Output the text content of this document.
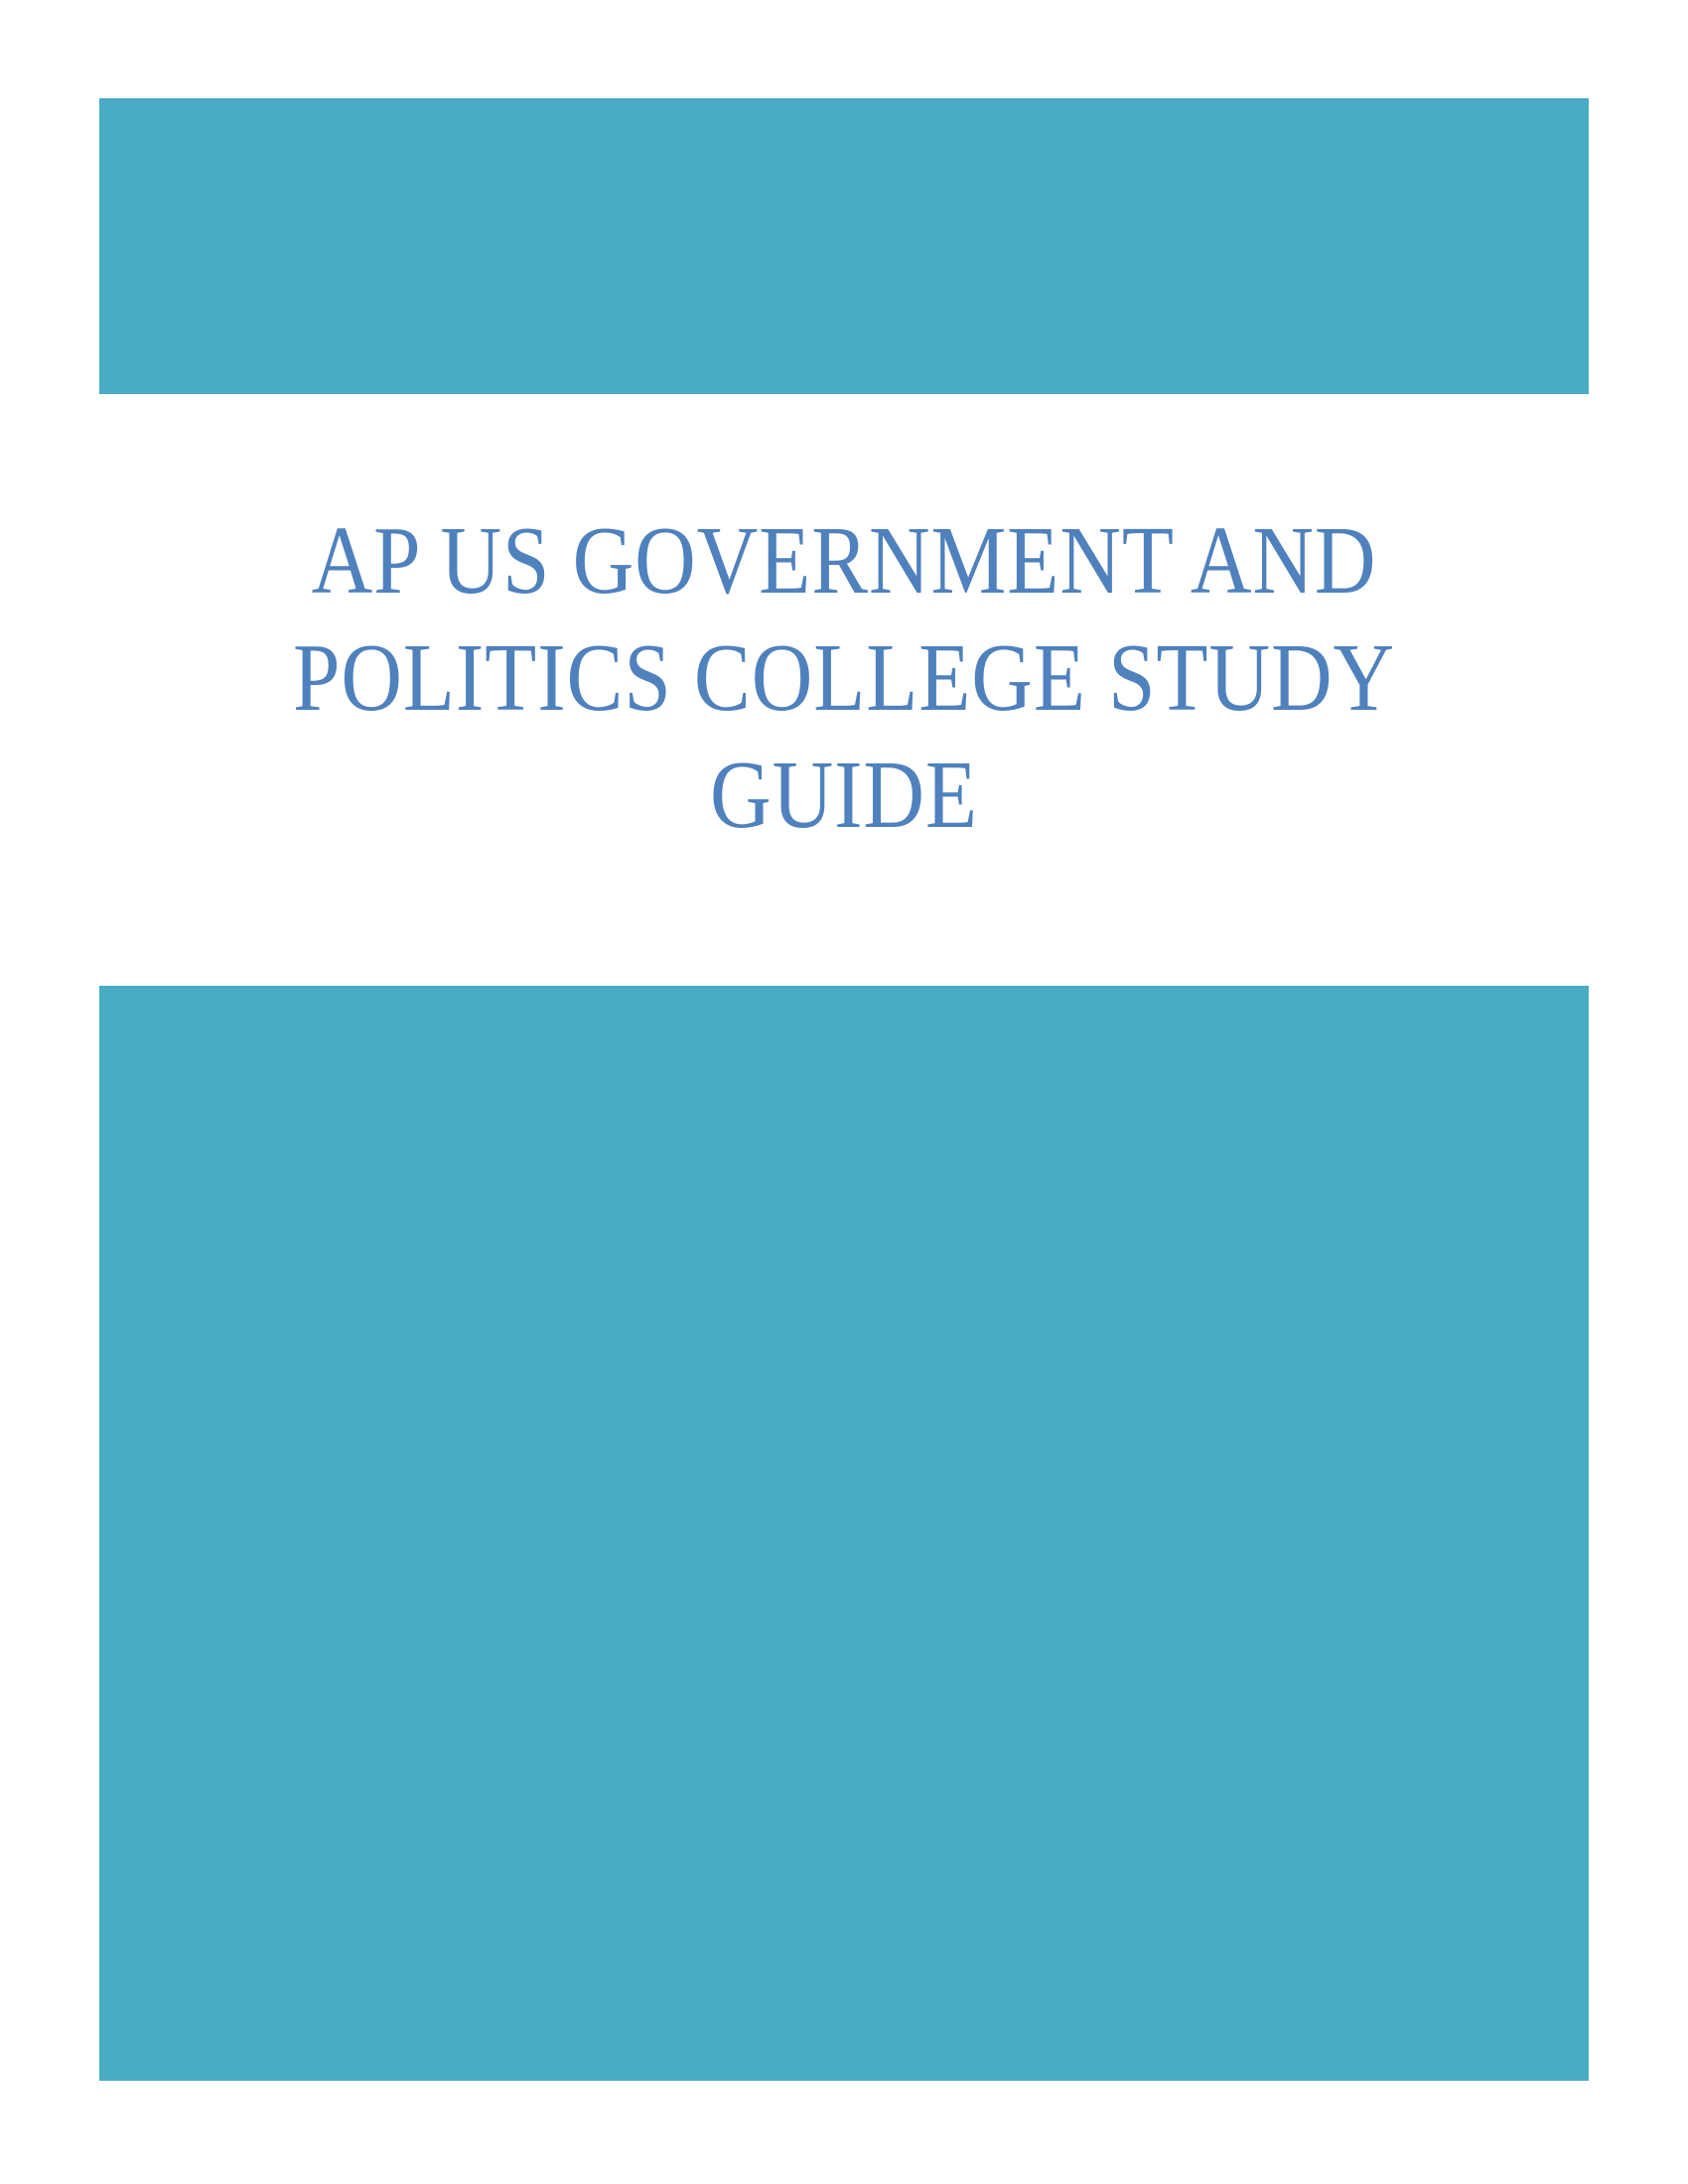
AP US GOVERNMENT AND
POLITICS COLLEGE STUDY
GUIDE
